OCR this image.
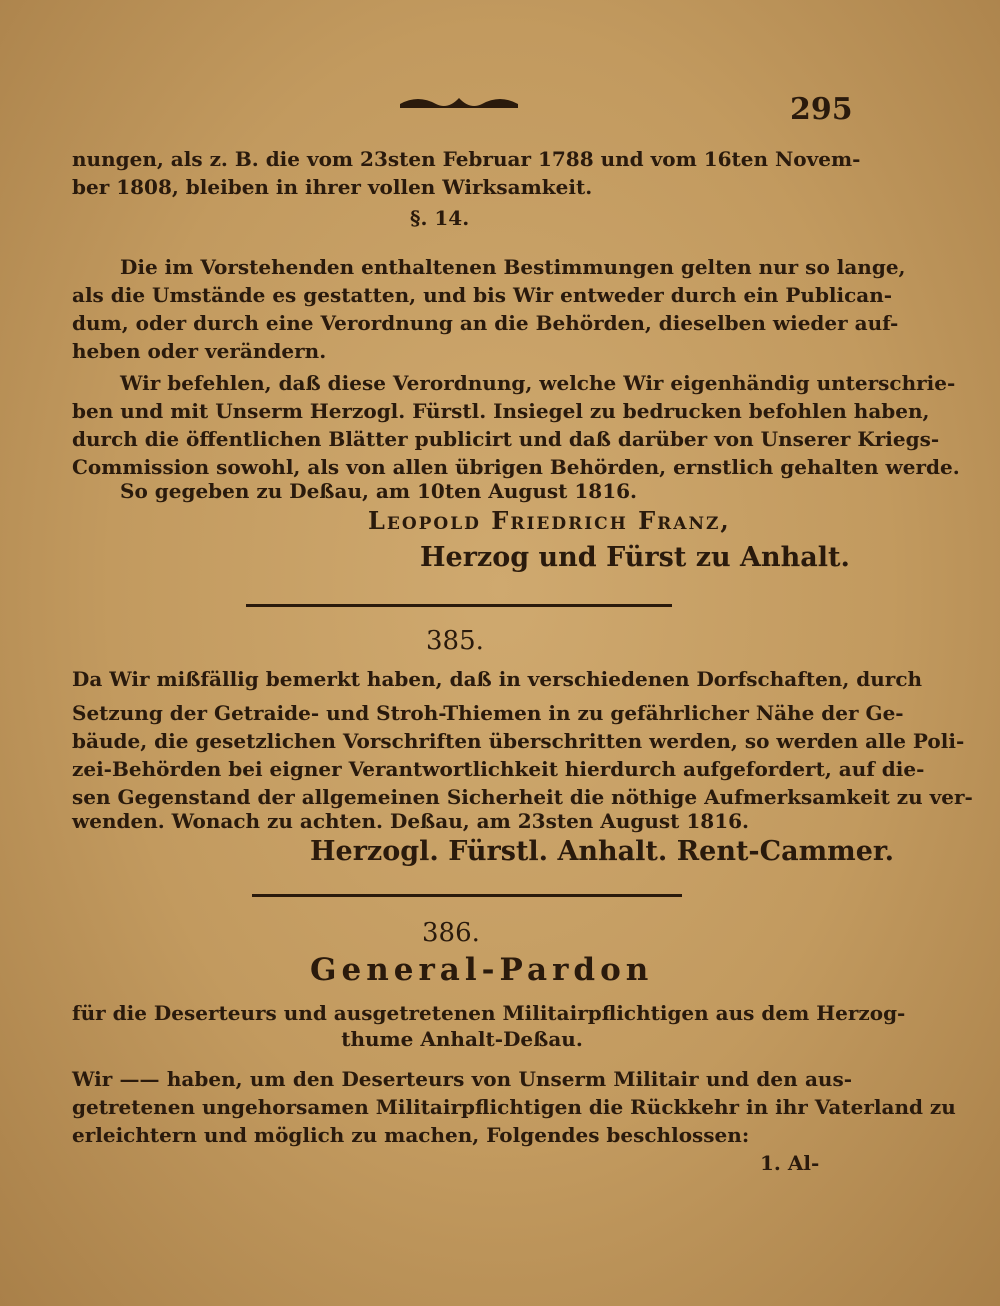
295
nungen, als z. B. die vom 23sten Februar 1788 und vom 16ten Novem-
ber 1808, bleiben in ihrer vollen Wirksamkeit.
§. 14.
Die im Vorstehenden enthaltenen Bestimmungen gelten nur so lange,
als die Umstände es gestatten, und bis Wir entweder durch ein Publican-
dum, oder durch eine Verordnung an die Behörden, dieselben wieder auf-
heben oder verändern.
Wir befehlen, daß diese Verordnung, welche Wir eigenhändig unterschrie-
ben und mit Unserm Herzogl. Fürstl. Insiegel zu bedrucken befohlen haben,
durch die öffentlichen Blätter publicirt und daß darüber von Unserer Kriegs-
Commission sowohl, als von allen übrigen Behörden, ernstlich gehalten werde.
So gegeben zu Deßau, am 10ten August 1816.
Leopold Friedrich Franz,
Herzog und Fürst zu Anhalt.
385.
Da Wir mißfällig bemerkt haben, daß in verschiedenen Dorfschaften, durch
Setzung der Getraide- und Stroh-Thiemen in zu gefährlicher Nähe der Ge-
bäude, die gesetzlichen Vorschriften überschritten werden, so werden alle Poli-
zei-Behörden bei eigner Verantwortlichkeit hierdurch aufgefordert, auf die-
sen Gegenstand der allgemeinen Sicherheit die nöthige Aufmerksamkeit zu ver-
wenden. Wonach zu achten. Deßau, am 23sten August 1816.
Herzogl. Fürstl. Anhalt. Rent-Cammer.
386.
General-Pardon
für die Deserteurs und ausgetretenen Militairpflichtigen aus dem Herzog-
thume Anhalt-Deßau.
Wir —— haben, um den Deserteurs von Unserm Militair und den aus-
getretenen ungehorsamen Militairpflichtigen die Rückkehr in ihr Vaterland zu
erleichtern und möglich zu machen, Folgendes beschlossen:
1. Al-
